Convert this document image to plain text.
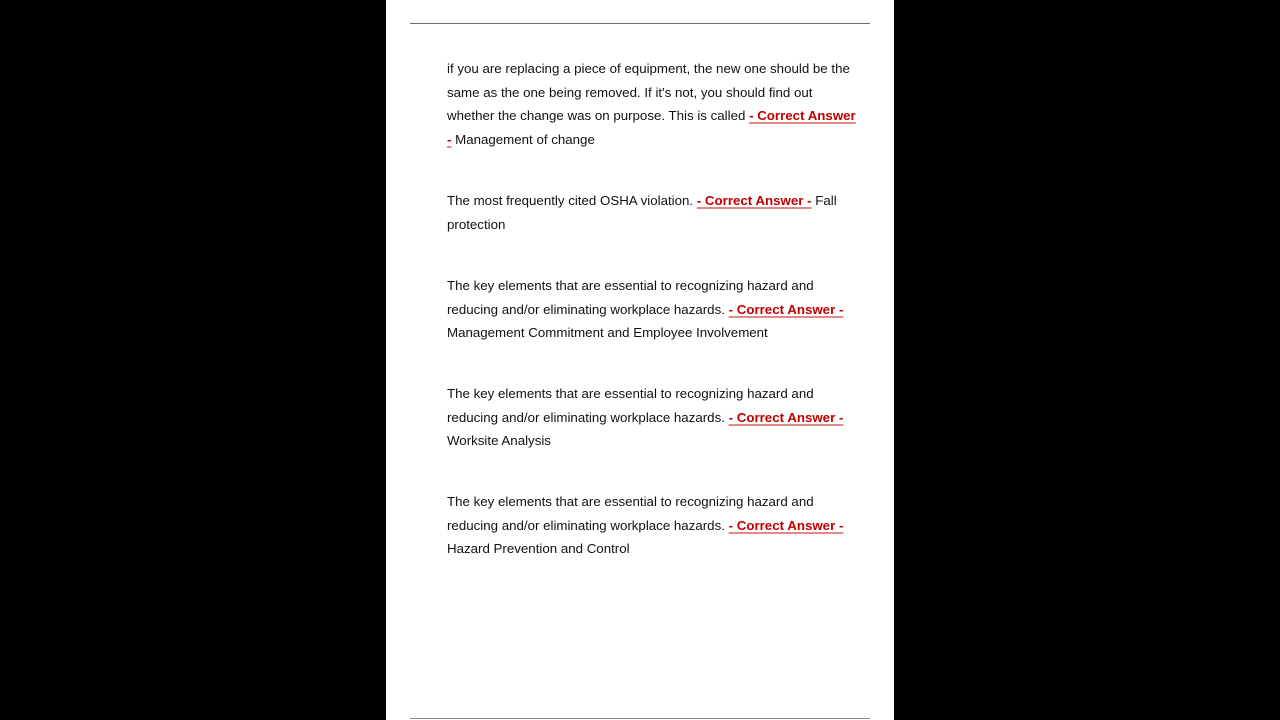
if you are replacing a piece of equipment, the new one should be the same as the one being removed. If it's not, you should find out whether the change was on purpose. This is called - Correct Answer - Management of change

The most frequently cited OSHA violation. - Correct Answer - Fall protection

The key elements that are essential to recognizing hazard and reducing and/or eliminating workplace hazards. - Correct Answer - Management Commitment and Employee Involvement

The key elements that are essential to recognizing hazard and reducing and/or eliminating workplace hazards. - Correct Answer - Worksite Analysis

The key elements that are essential to recognizing hazard and reducing and/or eliminating workplace hazards. - Correct Answer - Hazard Prevention and Control
